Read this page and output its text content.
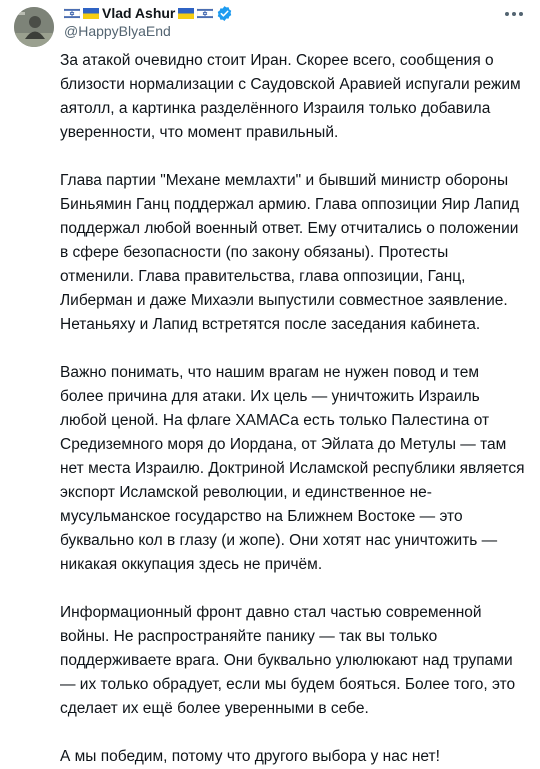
Vlad Ashur
@HappyBlyaEnd

За атакой очевидно стоит Иран. Скорее всего, сообщения о близости нормализации с Саудовской Аравией испугали режим аятолл, а картинка разделённого Израиля только добавила уверенности, что момент правильный.

Глава партии "Механе мемлахти" и бывший министр обороны Биньямин Ганц поддержал армию. Глава оппозиции Яир Лапид поддержал любой военный ответ. Ему отчитались о положении в сфере безопасности (по закону обязаны). Протесты отменили. Глава правительства, глава оппозиции, Ганц, Либерман и даже Михаэли выпустили совместное заявление. Нетаньяху и Лапид встретятся после заседания кабинета.

Важно понимать, что нашим врагам не нужен повод и тем более причина для атаки. Их цель — уничтожить Израиль любой ценой. На флаге ХАМАСа есть только Палестина от Средиземного моря до Иордана, от Эйлата до Метулы — там нет места Израилю. Доктриной Исламской республики является экспорт Исламской революции, и единственное не-мусульманское государство на Ближнем Востоке — это буквально кол в глазу (и жопе). Они хотят нас уничтожить — никакая оккупация здесь не причём.

Информационный фронт давно стал частью современной войны. Не распространяйте панику — так вы только поддерживаете врага. Они буквально улюлюкают над трупами — их только обрадует, если мы будем бояться. Более того, это сделает их ещё более уверенными в себе.

А мы победим, потому что другого выбора у нас нет!
